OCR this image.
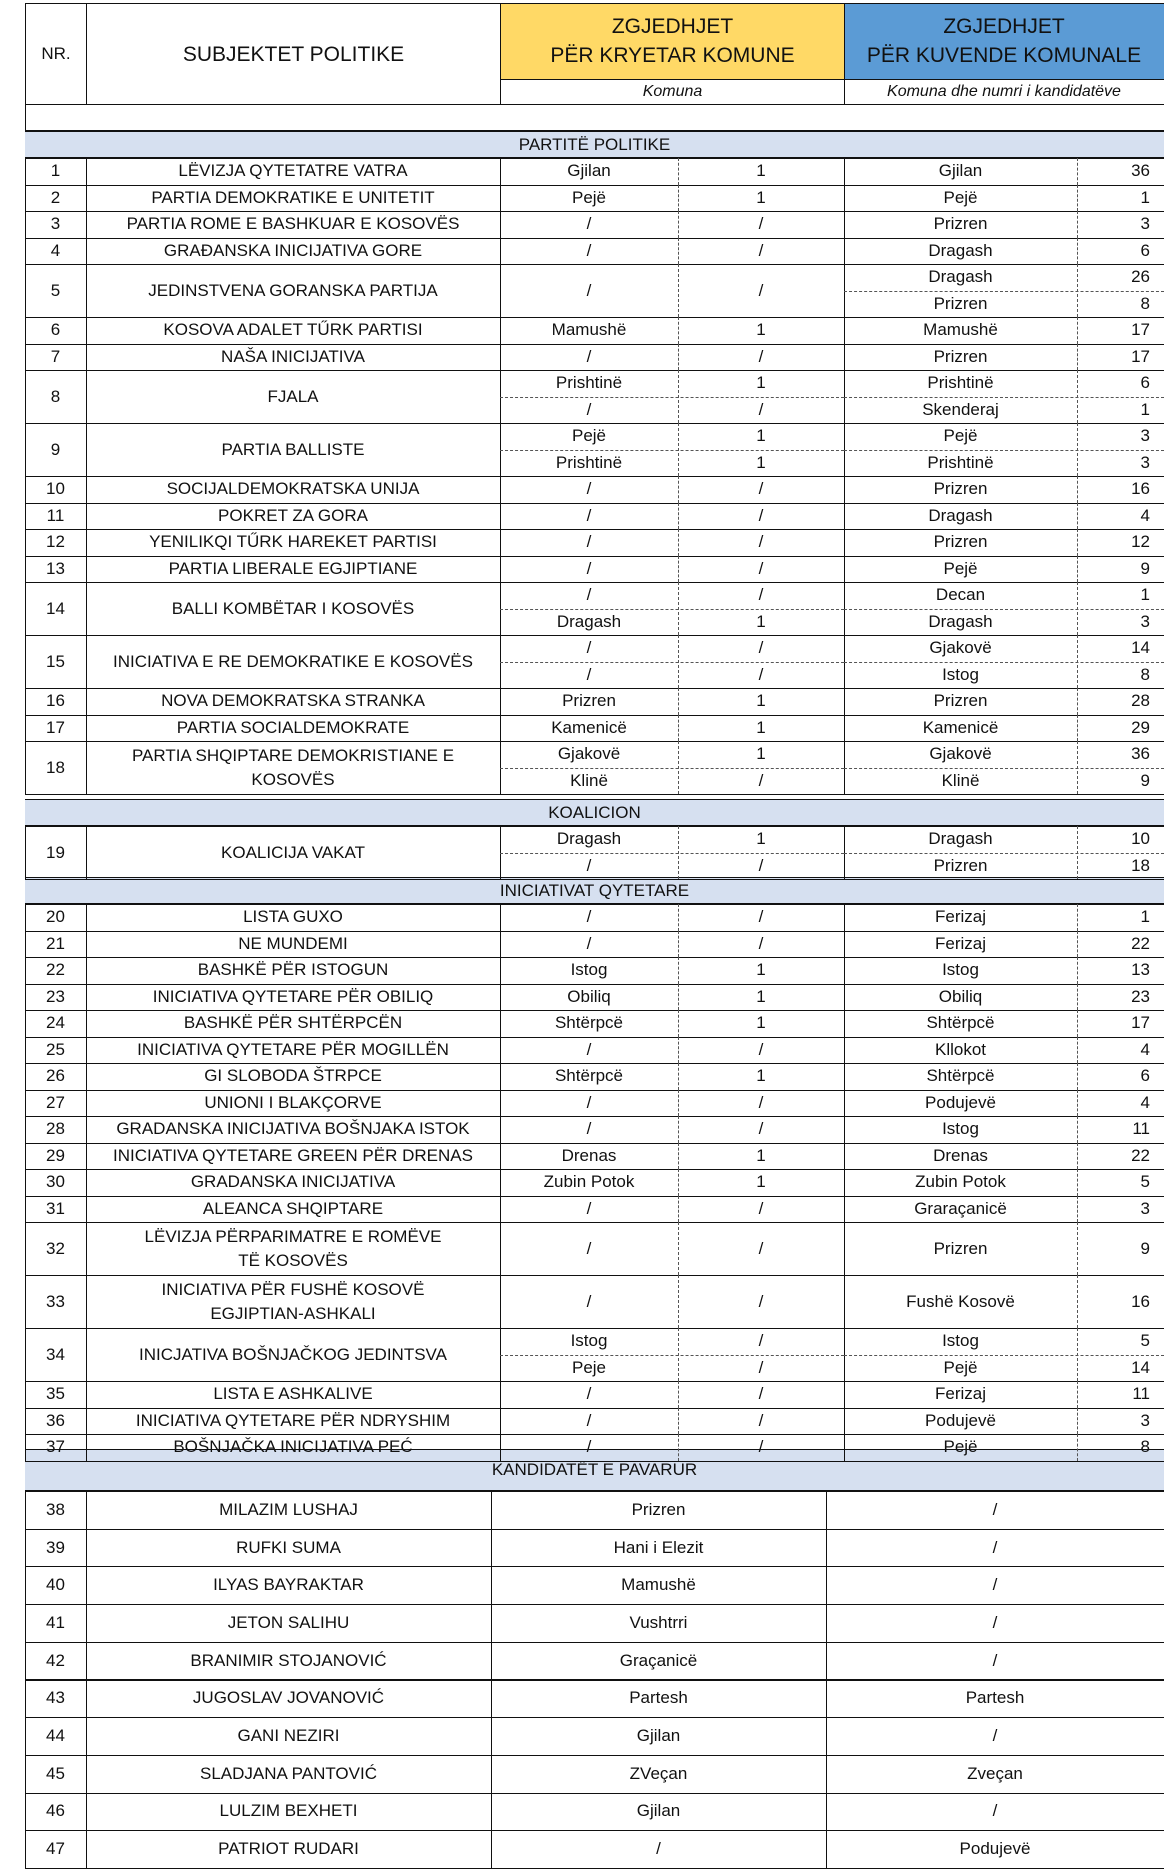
NR.	SUBJEKTET POLITIKE
ZGJEDHJET
PËR KRYETAR KOMUNE
Komuna
ZGJEDHJET
PËR KUVENDE KOMUNALE
Komuna dhe numri i kandidatëve
PARTITË POLITIKE
KOALICION
INICIATIVAT QYTETARE
KANDIDATËT E PAVARUR
1	LËVIZJA QYTETATRE VATRA	Gjilan	1	Gjilan	36
2	PARTIA DEMOKRATIKE E UNITETIT	Pejë	1	Pejë	1
3	PARTIA ROME E BASHKUAR E KOSOVËS	/	/	Prizren	3
4	GRAĐANSKA INICIJATIVA GORE	/	/	Dragash	6
5	JEDINSTVENA GORANSKA PARTIJA	/	/
Dragash	26
Prizren	8
6	KOSOVA ADALET TŰRK PARTISI	Mamushë	1	Mamushë	17
7	NAŠA INICIJATIVA	/	/	Prizren	17
8	FJALA
Prishtinë	1	Prishtinë	6
/	/	Skenderaj	1
9	PARTIA BALLISTE
Pejë	1	Pejë	3
Prishtinë	1	Prishtinë	3
10	SOCIJALDEMOKRATSKA UNIJA	/	/	Prizren	16
11	POKRET ZA GORA	/	/	Dragash	4
12	YENILIKQI TŰRK HAREKET PARTISI	/	/	Prizren	12
13	PARTIA LIBERALE EGJIPTIANE	/	/	Pejë	9
14	BALLI KOMBËTAR I KOSOVËS
/	/	Decan	1
Dragash	1	Dragash	3
15	INICIATIVA E RE DEMOKRATIKE E KOSOVËS
/	/	Gjakovë	14
/	/	Istog	8
16	NOVA DEMOKRATSKA STRANKA	Prizren	1	Prizren	28
17	PARTIA SOCIALDEMOKRATE	Kamenicë	1	Kamenicë	29
18
PARTIA SHQIPTARE DEMOKRISTIANE E
KOSOVËS
Gjakovë	1	Gjakovë	36
Klinë	/	Klinë	9
19	KOALICIJA VAKAT
Dragash	1	Dragash	10
/	/	Prizren	18
20	LISTA GUXO	/	/	Ferizaj	1
21	NE MUNDEMI	/	/	Ferizaj	22
22	BASHKË PËR ISTOGUN	Istog	1	Istog	13
23	INICIATIVA QYTETARE PËR OBILIQ	Obiliq	1	Obiliq	23
24	BASHKË PËR SHTËRPCËN	Shtërpcë	1	Shtërpcë	17
25	INICIATIVA QYTETARE PËR MOGILLËN	/	/	Kllokot	4
26	GI SLOBODA ŠTRPCE	Shtërpcë	1	Shtërpcë	6
27	UNIONI I BLAKÇORVE	/	/	Podujevë	4
28	GRADANSKA INICIJATIVA BOŠNJAKA ISTOK	/	/	Istog	11
29	INICIATIVA QYTETARE GREEN PËR DRENAS	Drenas	1	Drenas	22
30	GRADANSKA INICIJATIVA	Zubin Potok	1	Zubin Potok	5
31	ALEANCA SHQIPTARE	/	/	Graraçanicë	3
32
LËVIZJA PËRPARIMATRE E ROMËVE
TË KOSOVËS
/	/	Prizren	9
33
INICIATIVA PËR FUSHË KOSOVË
EGJIPTIAN-ASHKALI
/	/	Fushë Kosovë	16
34	INICJATIVA BOŠNJAČKOG JEDINTSVA
Istog	/	Istog	5
Peje	/	Pejë	14
35	LISTA E ASHKALIVE	/	/	Ferizaj	11
36	INICIATIVA QYTETARE PËR NDRYSHIM	/	/	Podujevë	3
37	BOŠNJAČKA INICIJATIVA PEĆ	/	/	Pejë	8
38	MILAZIM LUSHAJ	Prizren	/
39	RUFKI SUMA	Hani i Elezit	/
40	ILYAS BAYRAKTAR	Mamushë	/
41	JETON SALIHU	Vushtrri	/
42	BRANIMIR STOJANOVIĆ	Graçanicë	/
43	JUGOSLAV JOVANOVIĆ	Partesh	Partesh
44	GANI NEZIRI	Gjilan	/
45	SLADJANA PANTOVIĆ	ZVeçan	Zveçan
46	LULZIM BEXHETI	Gjilan	/
47	PATRIOT RUDARI	/	Podujevë
